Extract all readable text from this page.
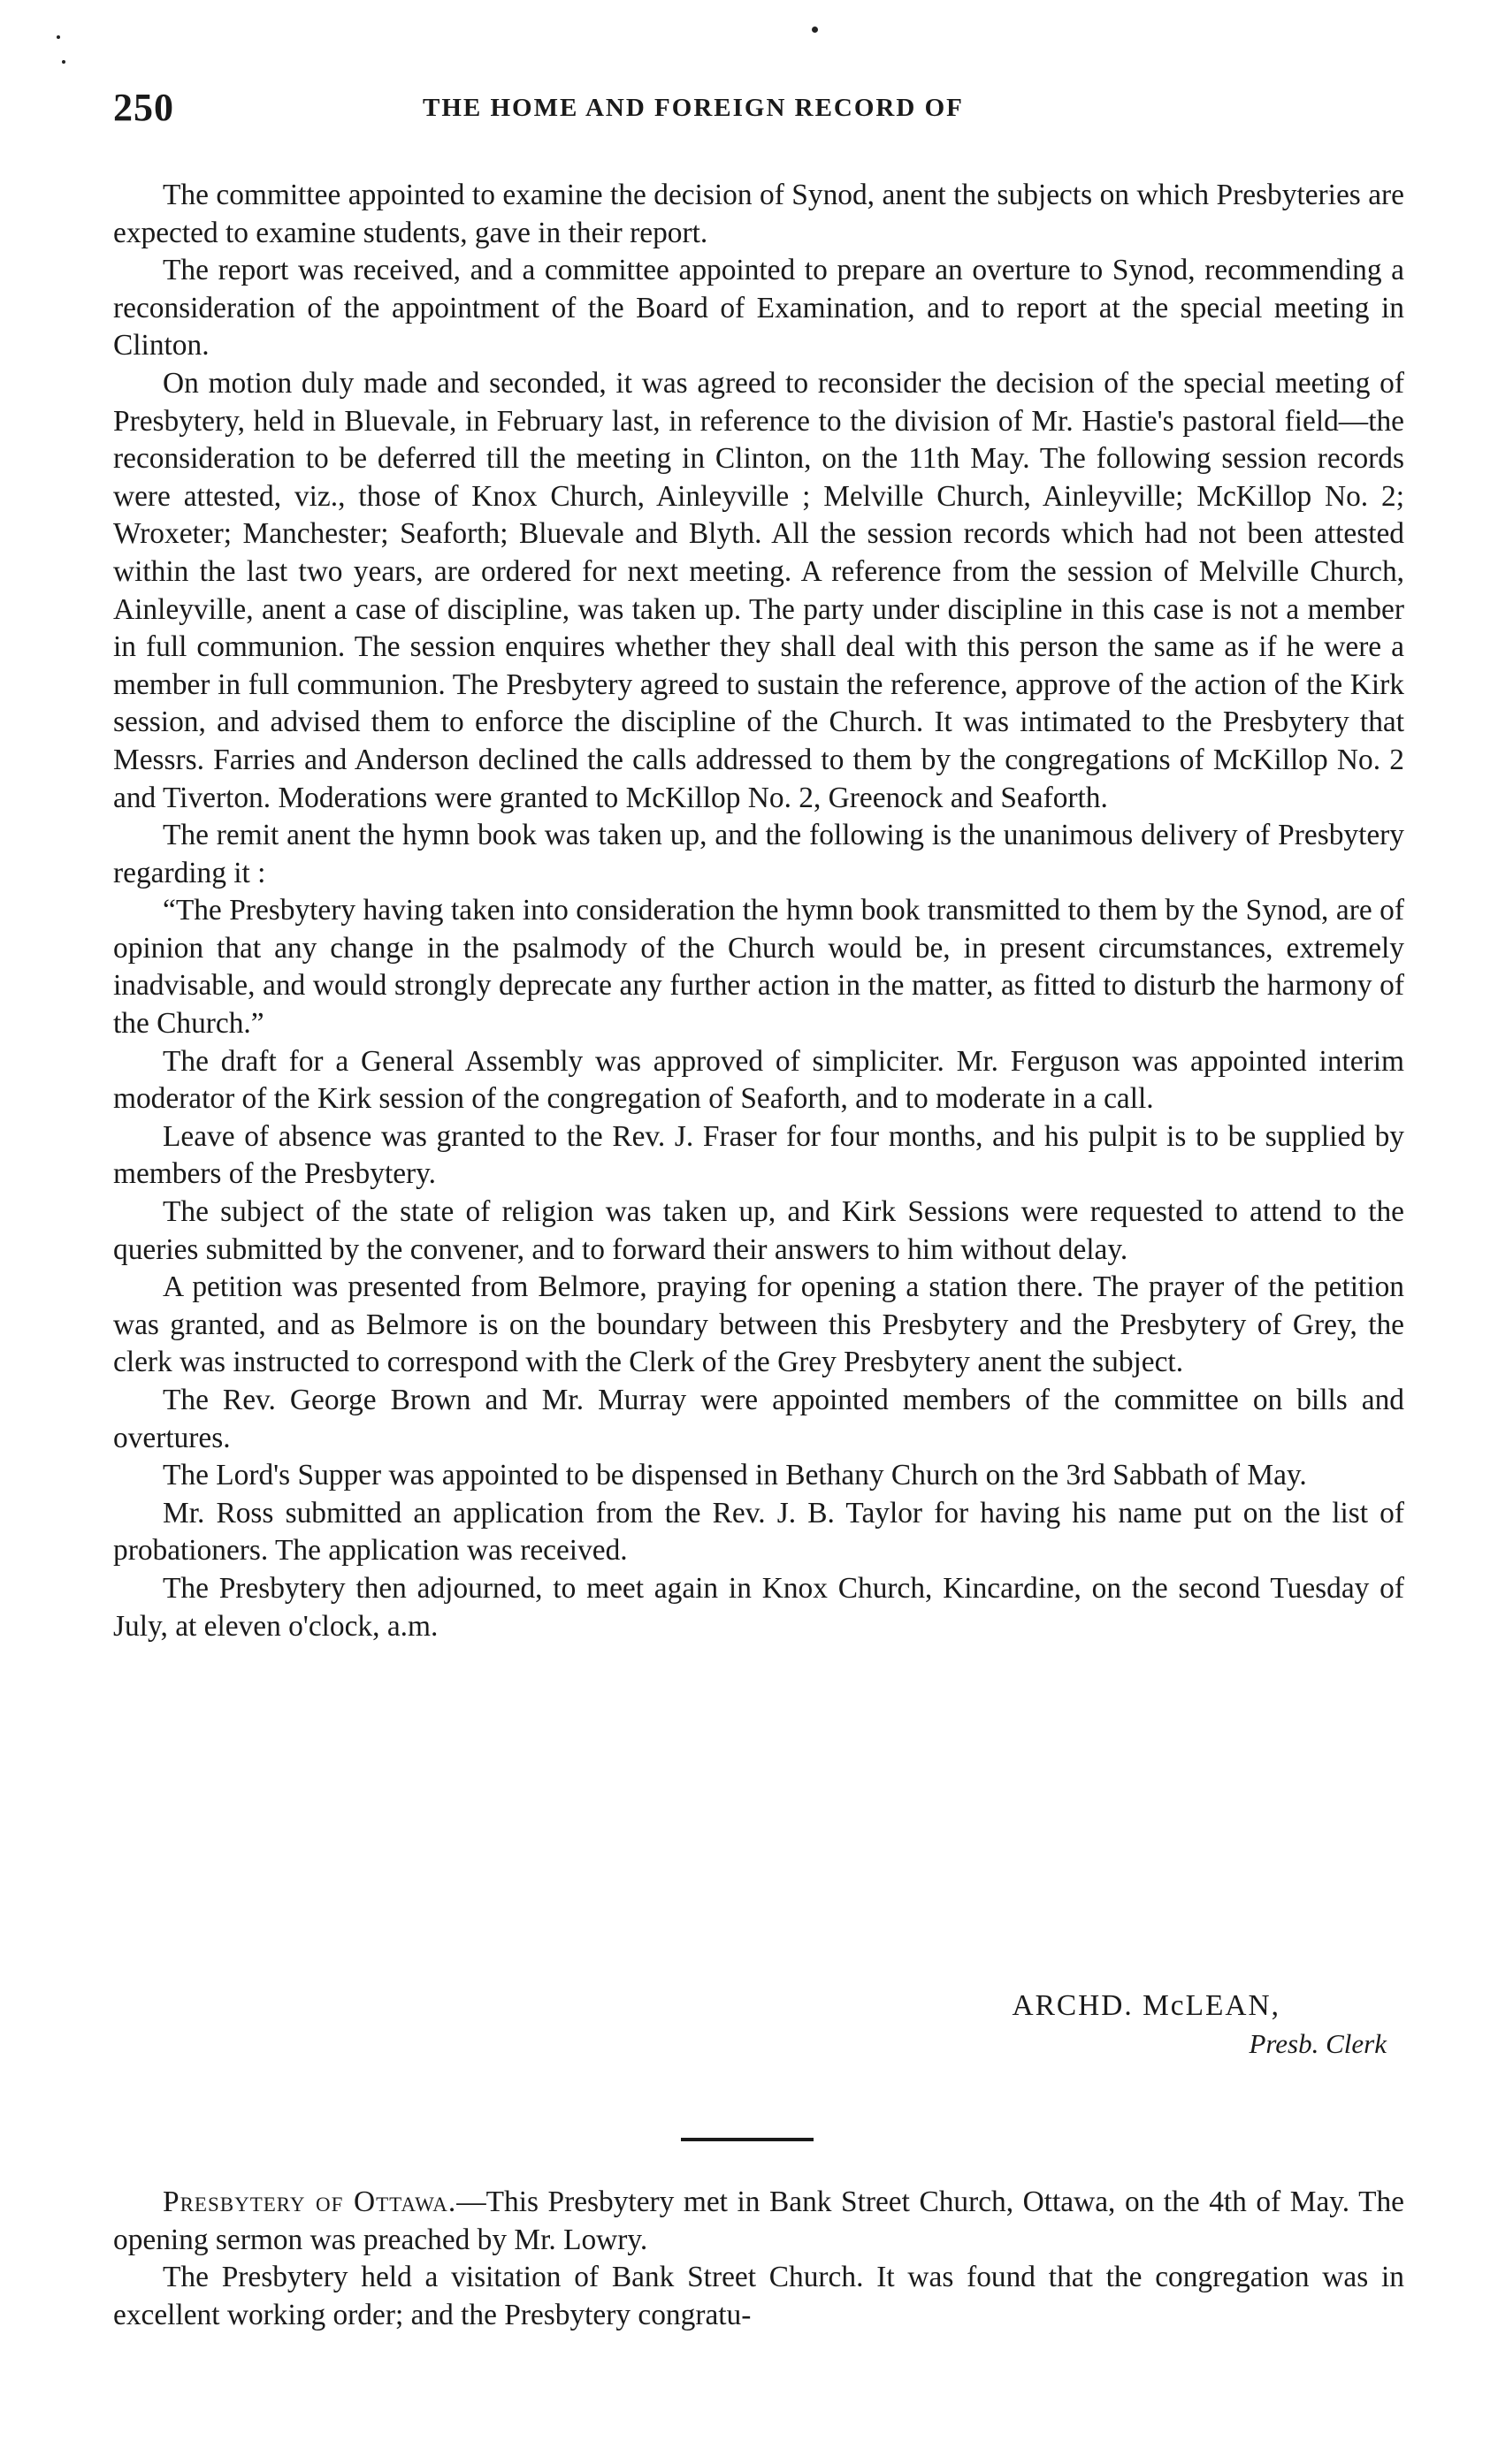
250	THE HOME AND FOREIGN RECORD OF

The committee appointed to examine the decision of Synod, anent the subjects on which Presbyteries are expected to examine students, gave in their report.

The report was received, and a committee appointed to prepare an overture to Synod, recommending a reconsideration of the appointment of the Board of Examination, and to report at the special meeting in Clinton.

On motion duly made and seconded, it was agreed to reconsider the decision of the special meeting of Presbytery, held in Bluevale, in February last, in reference to the division of Mr. Hastie's pastoral field—the reconsideration to be deferred till the meeting in Clinton, on the 11th May. The following session records were attested, viz., those of Knox Church, Ainleyville ; Melville Church, Ainleyville; McKillop No. 2; Wroxeter; Manchester; Seaforth; Bluevale and Blyth. All the session records which had not been attested within the last two years, are ordered for next meeting. A reference from the session of Melville Church, Ainleyville, anent a case of discipline, was taken up. The party under discipline in this case is not a member in full communion. The session enquires whether they shall deal with this person the same as if he were a member in full communion. The Presbytery agreed to sustain the reference, approve of the action of the Kirk session, and advised them to enforce the discipline of the Church. It was intimated to the Presbytery that Messrs. Farries and Anderson declined the calls addressed to them by the congregations of McKillop No. 2 and Tiverton. Moderations were granted to McKillop No. 2, Greenock and Seaforth.

The remit anent the hymn book was taken up, and the following is the unanimous delivery of Presbytery regarding it :

“The Presbytery having taken into consideration the hymn book transmitted to them by the Synod, are of opinion that any change in the psalmody of the Church would be, in present circumstances, extremely inadvisable, and would strongly deprecate any further action in the matter, as fitted to disturb the harmony of the Church.”

The draft for a General Assembly was approved of simpliciter. Mr. Ferguson was appointed interim moderator of the Kirk session of the congregation of Seaforth, and to moderate in a call.

Leave of absence was granted to the Rev. J. Fraser for four months, and his pulpit is to be supplied by members of the Presbytery.

The subject of the state of religion was taken up, and Kirk Sessions were requested to attend to the queries submitted by the convener, and to forward their answers to him without delay.

A petition was presented from Belmore, praying for opening a station there. The prayer of the petition was granted, and as Belmore is on the boundary between this Presbytery and the Presbytery of Grey, the clerk was instructed to correspond with the Clerk of the Grey Presbytery anent the subject.

The Rev. George Brown and Mr. Murray were appointed members of the committee on bills and overtures.

The Lord's Supper was appointed to be dispensed in Bethany Church on the 3rd Sabbath of May.

Mr. Ross submitted an application from the Rev. J. B. Taylor for having his name put on the list of probationers. The application was received.

The Presbytery then adjourned, to meet again in Knox Church, Kincardine, on the second Tuesday of July, at eleven o'clock, a.m.

ARCHD. McLEAN,
Presb. Clerk

Presbytery of Ottawa.—This Presbytery met in Bank Street Church, Ottawa, on the 4th of May. The opening sermon was preached by Mr. Lowry.

The Presbytery held a visitation of Bank Street Church. It was found that the congregation was in excellent working order; and the Presbytery congratu-
